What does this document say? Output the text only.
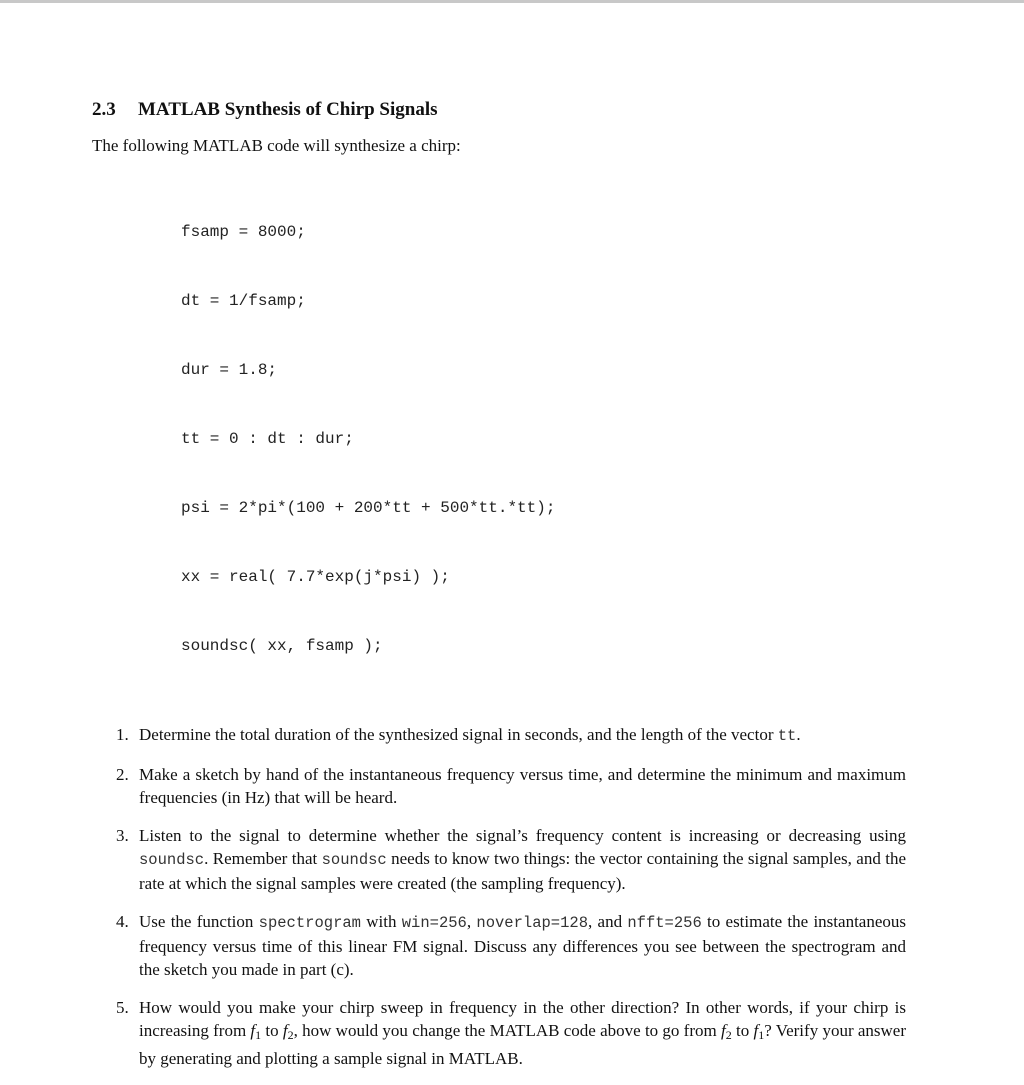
2.3 MATLAB Synthesis of Chirp Signals

The following MATLAB code will synthesize a chirp:

fsamp = 8000;

dt = 1/fsamp;

dur = 1.8;

tt = 0 : dt : dur;

psi = 2*pi*(100 + 200*tt + 500*tt.*tt);

xx = real( 7.7*exp(j*psi) );

soundsc( xx, fsamp );

1. Determine the total duration of the synthesized signal in seconds, and the length of the vector tt.
2. Make a sketch by hand of the instantaneous frequency versus time, and determine the minimum and maximum frequencies (in Hz) that will be heard.
3. Listen to the signal to determine whether the signal’s frequency content is increasing or decreasing using soundsc. Remember that soundsc needs to know two things: the vector containing the signal samples, and the rate at which the signal samples were created (the sampling frequency).
4. Use the function spectrogram with win=256, noverlap=128, and nfft=256 to estimate the instantaneous frequency versus time of this linear FM signal. Discuss any differences you see between the spectrogram and the sketch you made in part (c).
5. How would you make your chirp sweep in frequency in the other direction? In other words, if your chirp is increasing from $f_1$ to $f_2$, how would you change the MATLAB code above to go from $f_2$ to $f_1$? Verify your answer by generating and plotting a sample signal in MATLAB.
